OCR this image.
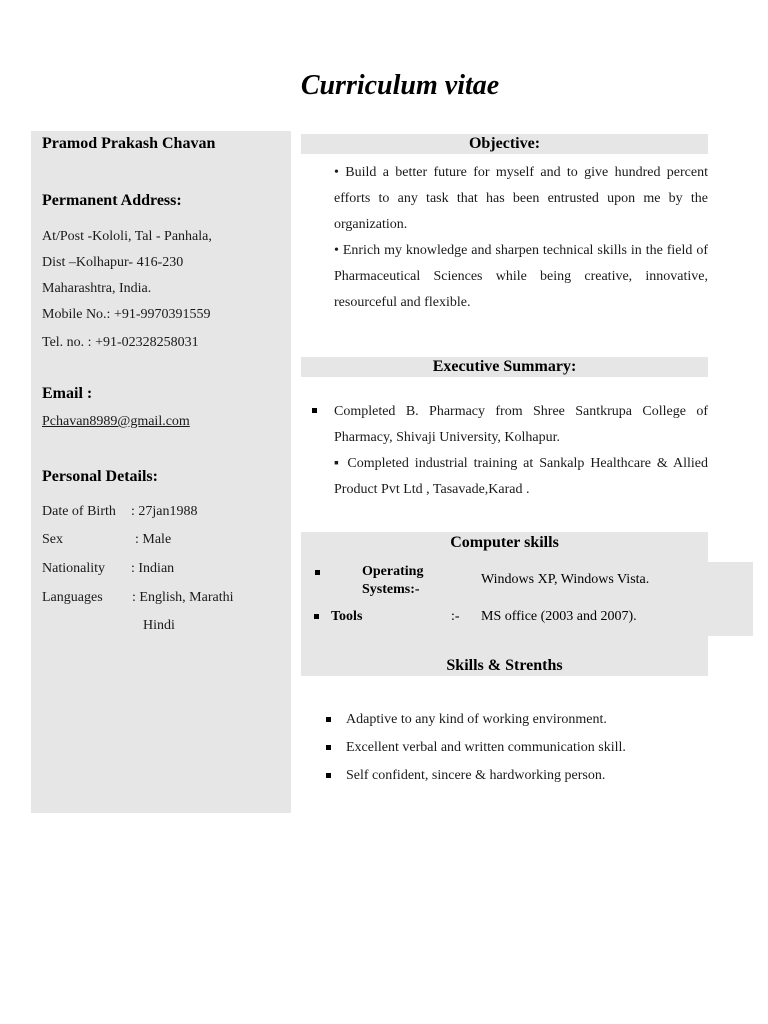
Curriculum vitae
Pramod Prakash Chavan
Permanent Address:
At/Post -Kololi, Tal - Panhala,
Dist –Kolhapur- 416-230
Maharashtra, India.
Mobile No.: +91-9970391559
Tel. no. : +91-02328258031
Email :
Pchavan8989@gmail.com
Personal Details:
Date of Birth : 27jan1988
Sex	: Male
Nationality : Indian
Languages : English, Marathi
Hindi
Objective:

• Build a better future for myself and to give hundred percent efforts to any task that has been entrusted upon me by the organization.

• Enrich my knowledge and sharpen technical skills in the field of Pharmaceutical Sciences while being creative, innovative, resourceful and flexible.

Executive Summary:

Completed B. Pharmacy from Shree Santkrupa College of Pharmacy, Shivaji University, Kolhapur.

▪ Completed industrial training at Sankalp Healthcare & Allied Product Pvt Ltd , Tasavade,Karad .

Computer skills
Operating
Systems:-
Windows XP, Windows Vista.
Tools	:- MS office (2003 and 2007).
Skills & Strenths
Adaptive to any kind of working environment.
Excellent verbal and written communication skill.
Self confident, sincere & hardworking person.
